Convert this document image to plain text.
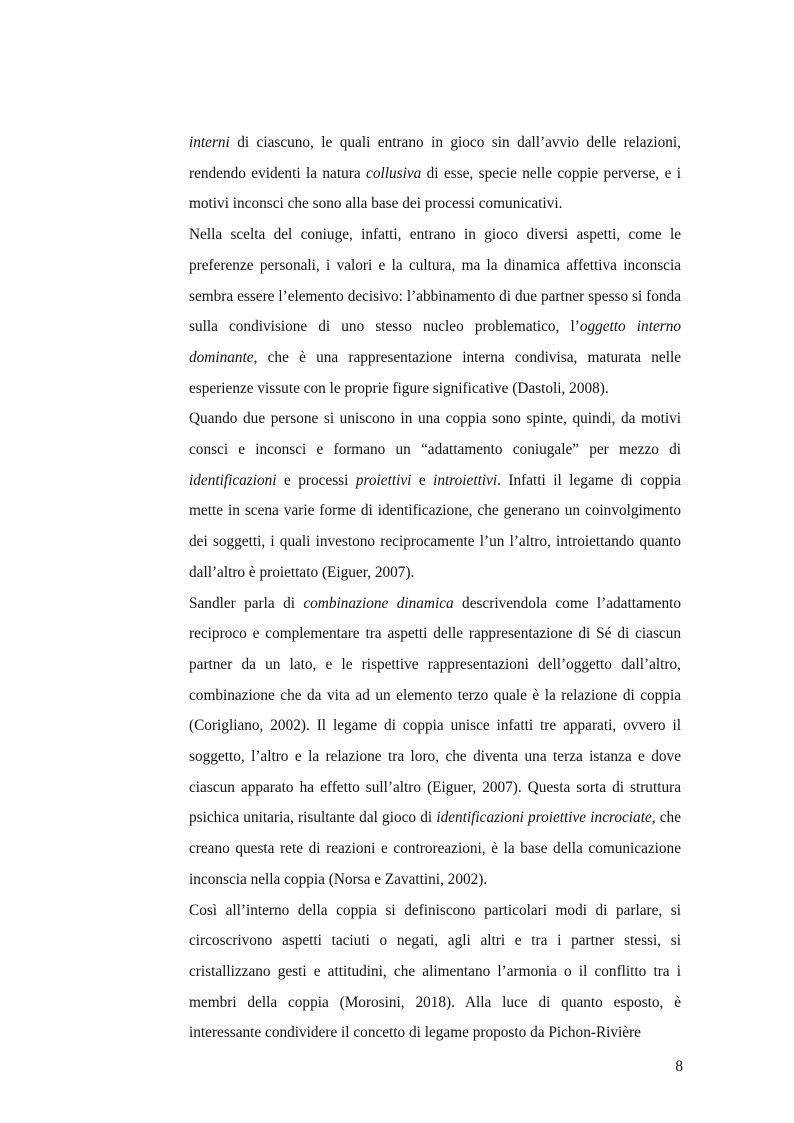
interni di ciascuno, le quali entrano in gioco sin dall’avvio delle relazioni, rendendo evidenti la natura collusiva di esse, specie nelle coppie perverse, e i motivi inconsci che sono alla base dei processi comunicativi.

Nella scelta del coniuge, infatti, entrano in gioco diversi aspetti, come le preferenze personali, i valori e la cultura, ma la dinamica affettiva inconscia sembra essere l’elemento decisivo: l’abbinamento di due partner spesso si fonda sulla condivisione di uno stesso nucleo problematico, l’oggetto interno dominante, che è una rappresentazione interna condivisa, maturata nelle esperienze vissute con le proprie figure significative (Dastoli, 2008).

Quando due persone si uniscono in una coppia sono spinte, quindi, da motivi consci e inconsci e formano un “adattamento coniugale” per mezzo di identificazioni e processi proiettivi e introiettivi. Infatti il legame di coppia mette in scena varie forme di identificazione, che generano un coinvolgimento dei soggetti, i quali investono reciprocamente l’un l’altro, introiettando quanto dall’altro è proiettato (Eiguer, 2007).

Sandler parla di combinazione dinamica descrivendola come l’adattamento reciproco e complementare tra aspetti delle rappresentazione di Sé di ciascun partner da un lato, e le rispettive rappresentazioni dell’oggetto dall’altro, combinazione che da vita ad un elemento terzo quale è la relazione di coppia (Corigliano, 2002). Il legame di coppia unisce infatti tre apparati, ovvero il soggetto, l’altro e la relazione tra loro, che diventa una terza istanza e dove ciascun apparato ha effetto sull’altro (Eiguer, 2007). Questa sorta di struttura psichica unitaria, risultante dal gioco di identificazioni proiettive incrociate, che creano questa rete di reazioni e controreazioni, è la base della comunicazione inconscia nella coppia (Norsa e Zavattini, 2002).

Così all’interno della coppia si definiscono particolari modi di parlare, si circoscrivono aspetti taciuti o negati, agli altri e tra i partner stessi, si cristallizzano gesti e attitudini, che alimentano l’armonia o il conflitto tra i membri della coppia (Morosini, 2018). Alla luce di quanto esposto, è interessante condividere il concetto di legame proposto da Pichon-Rivière

8
